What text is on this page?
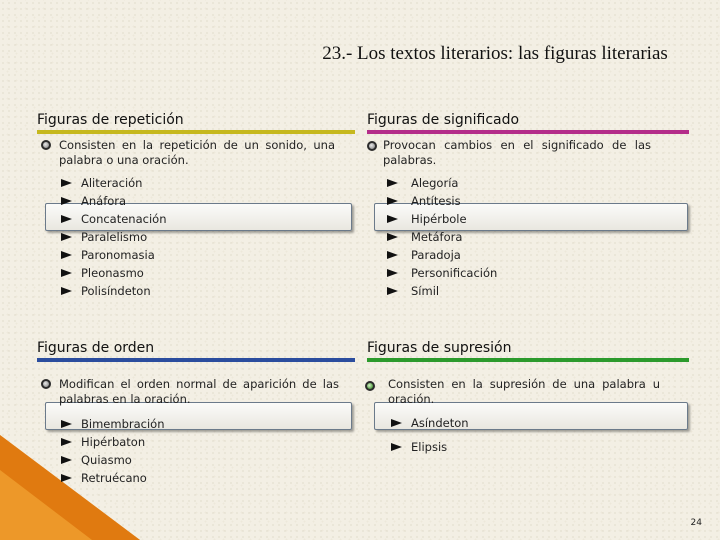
23.- Los textos literarios: las figuras literarias
Figuras de repetición
Consisten en la repetición de un sonido, una palabra o una oración.
Aliteración
Anáfora
Concatenación
Paralelismo
Paronomasia
Pleonasmo
Polisíndeton
Figuras de significado
Provocan cambios en el significado de las palabras.
Alegoría
Antítesis
Hipérbole
Metáfora
Paradoja
Personificación
Símil
Figuras de orden
Modifican el orden normal de aparición de las palabras en la oración.
Bimembración
Hipérbaton
Quiasmo
Retruécano
Figuras de supresión
Consisten en la supresión de una palabra u oración.
Asíndeton
Elipsis
24
